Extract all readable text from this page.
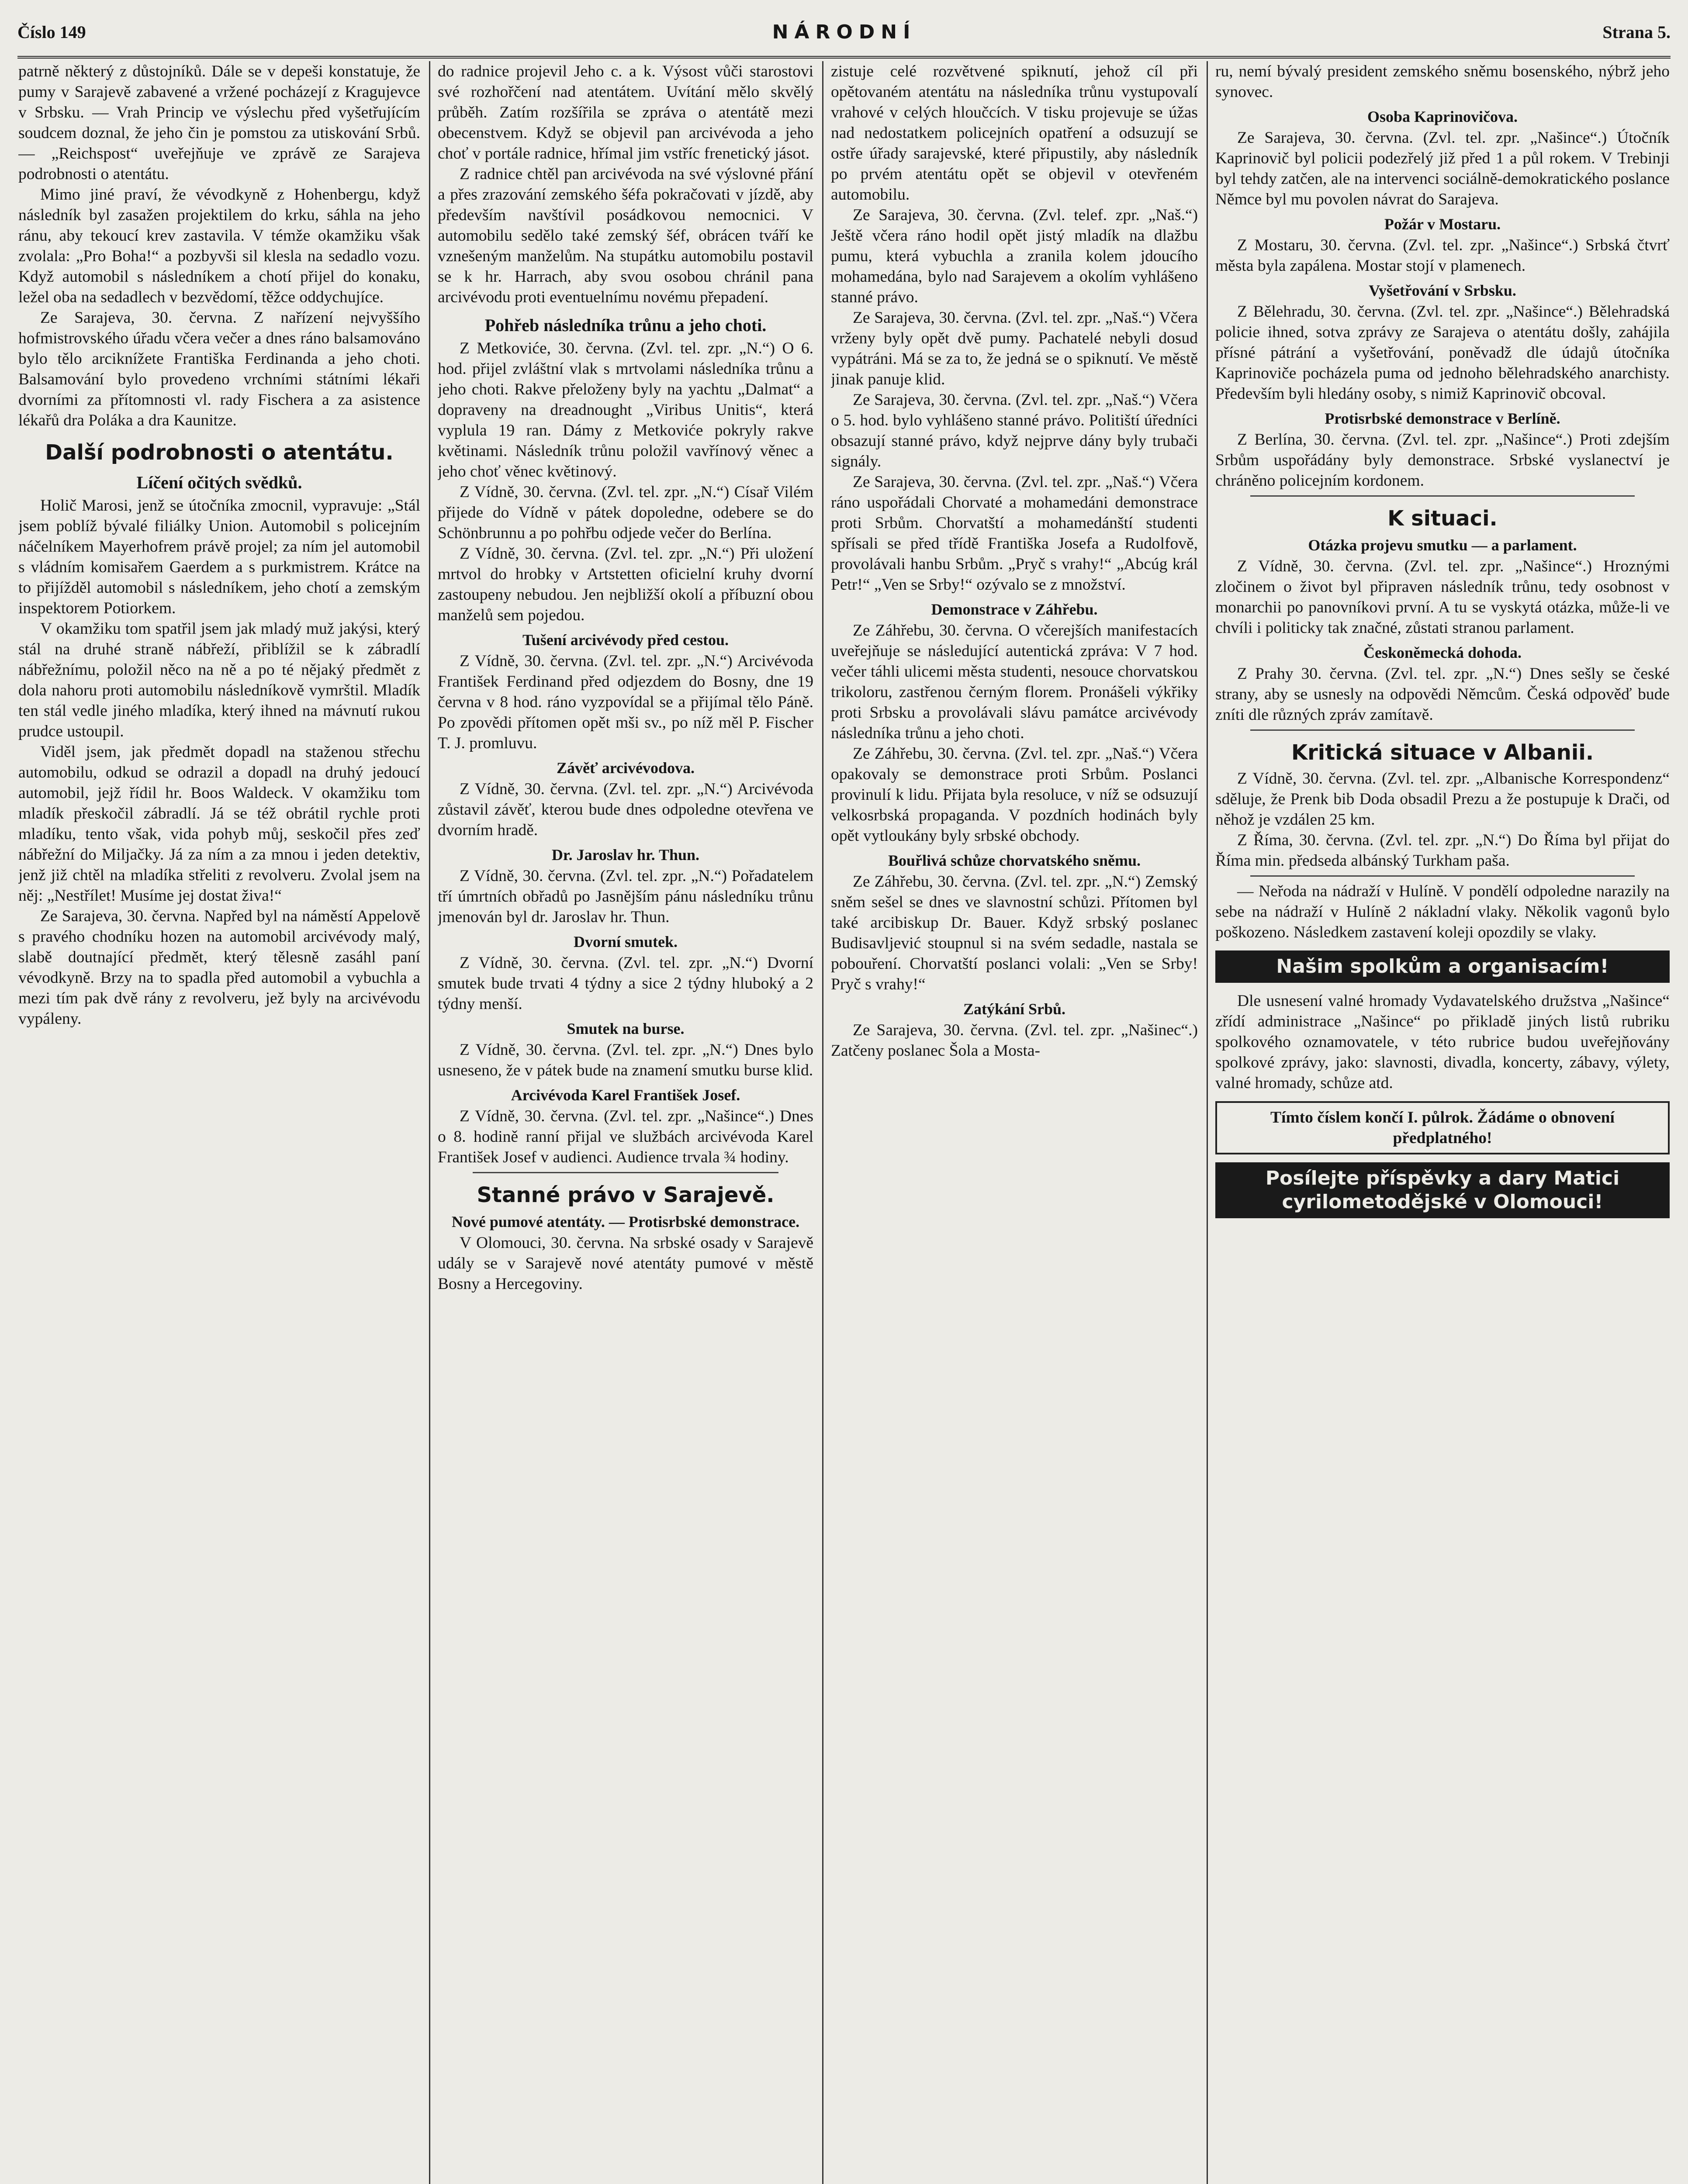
Číslo 149	NÁRODNÍ	Strana 5.

patrně některý z důstojníků. Dále se v depeši konstatuje, že pumy v Sarajevě zabavené a vržené pocházejí z Kragujevce v Srbsku. — Vrah Princip ve výslechu před vyšetřujícím soudcem doznal, že jeho čin je pomstou za utiskování Srbů. — „Reichspost“ uveřejňuje ve zprávě ze Sarajeva podrobnosti o atentátu.

Mimo jiné praví, že vévodkyně z Hohenbergu, když následník byl zasažen projektilem do krku, sáhla na jeho ránu, aby tekoucí krev zastavila. V témže okamžiku však zvolala: „Pro Boha!“ a pozbyvši sil klesla na sedadlo vozu. Když automobil s následníkem a chotí přijel do konaku, ležel oba na sedadlech v bezvědomí, těžce oddychujíce.

Ze Sarajeva, 30. června. Z nařízení nejvyššího hofmistrovského úřadu včera večer a dnes ráno balsamováno bylo tělo arciknížete Františka Ferdinanda a jeho choti. Balsamování bylo provedeno vrchními státními lékaři dvorními za přítomnosti vl. rady Fischera a za asistence lékařů dra Poláka a dra Kaunitze.

Další podrobnosti o atentátu.
Líčení očitých svědků.

Holič Marosi, jenž se útočníka zmocnil, vypravuje: „Stál jsem poblíž bývalé filiálky Union. Automobil s policejním náčelníkem Mayerhofrem právě projel; za ním jel automobil s vládním komisařem Gaerdem a s purkmistrem. Krátce na to přijížděl automobil s následníkem, jeho chotí a zemským inspektorem Potiorkem.

V okamžiku tom spatřil jsem jak mladý muž jakýsi, který stál na druhé straně nábřeží, přiblížil se k zábradlí nábřežnímu, položil něco na ně a po té nějaký předmět z dola nahoru proti automobilu následníkově vymrštil. Mladík ten stál vedle jiného mladíka, který ihned na mávnutí rukou prudce ustoupil.

Viděl jsem, jak předmět dopadl na staženou střechu automobilu, odkud se odrazil a dopadl na druhý jedoucí automobil, jejž řídil hr. Boos Waldeck. V okamžiku tom mladík přeskočil zábradlí. Já se též obrátil rychle proti mladíku, tento však, vida pohyb můj, seskočil přes zeď nábřežní do Miljačky. Já za ním a za mnou i jeden detektiv, jenž již chtěl na mladíka střeliti z revolveru. Zvolal jsem na něj: „Nestřílet! Musíme jej dostat živa!“

Ze Sarajeva, 30. června. Napřed byl na náměstí Appelově s pravého chodníku hozen na automobil arcivévody malý, slabě doutnající předmět, který tělesně zasáhl paní vévodkyně. Brzy na to spadla před automobil a vybuchla a mezi tím pak dvě rány z revolveru, jež byly na arcivévodu vypáleny.

do radnice projevil Jeho c. a k. Výsost vůči starostovi své rozhořčení nad atentátem. Uvítání mělo skvělý průběh. Zatím rozšířila se zpráva o atentátě mezi obecenstvem. Když se objevil pan arcivévoda a jeho choť v portále radnice, hřímal jim vstříc frenetický jásot.

Z radnice chtěl pan arcivévoda na své výslovné přání a přes zrazování zemského šéfa pokračovati v jízdě, aby především navštívil posádkovou nemocnici. V automobilu sedělo také zemský šéf, obrácen tváří ke vznešeným manželům. Na stupátku automobilu postavil se k hr. Harrach, aby svou osobou chránil pana arcivévodu proti eventuelnímu novému přepadení.

Pohřeb následníka trůnu a jeho choti.

Z Metkoviće, 30. června. (Zvl. tel. zpr. „N.“) O 6. hod. přijel zvláštní vlak s mrtvolami následníka trůnu a jeho choti. Rakve přeloženy byly na yachtu „Dalmat“ a dopraveny na dreadnought „Viribus Unitis“, která vyplula 19 ran. Dámy z Metkoviće pokryly rakve květinami. Následník trůnu položil vavřínový věnec a jeho choť věnec květinový.

Z Vídně, 30. června. (Zvl. tel. zpr. „N.“) Císař Vilém přijede do Vídně v pátek dopoledne, odebere se do Schönbrunnu a po pohřbu odjede večer do Berlína.

Z Vídně, 30. června. (Zvl. tel. zpr. „N.“) Při uložení mrtvol do hrobky v Artstetten oficielní kruhy dvorní zastoupeny nebudou. Jen nejbližší okolí a příbuzní obou manželů sem pojedou.

Tušení arcivévody před cestou.

Z Vídně, 30. června. (Zvl. tel. zpr. „N.“) Arcivévoda František Ferdinand před odjezdem do Bosny, dne 19 června v 8 hod. ráno vyzpovídal se a přijímal tělo Páně. Po zpovědi přítomen opět mši sv., po níž měl P. Fischer T. J. promluvu.

Závěť arcivévodova.

Z Vídně, 30. června. (Zvl. tel. zpr. „N.“) Arcivévoda zůstavil závěť, kterou bude dnes odpoledne otevřena ve dvorním hradě.

Dr. Jaroslav hr. Thun.

Z Vídně, 30. června. (Zvl. tel. zpr. „N.“) Pořadatelem tří úmrtních obřadů po Jasnějším pánu následníku trůnu jmenován byl dr. Jaroslav hr. Thun.

Dvorní smutek.

Z Vídně, 30. června. (Zvl. tel. zpr. „N.“) Dvorní smutek bude trvati 4 týdny a sice 2 týdny hluboký a 2 týdny menší.

Smutek na burse.

Z Vídně, 30. června. (Zvl. tel. zpr. „N.“) Dnes bylo usneseno, že v pátek bude na znamení smutku burse klid.

Arcivévoda Karel František Josef.

Z Vídně, 30. června. (Zvl. tel. zpr. „Našince“.) Dnes o 8. hodině ranní přijal ve službách arcivévoda Karel František Josef v audienci. Audience trvala ¾ hodiny.

Stanné právo v Sarajevě.
Nové pumové atentáty. — Protisrbské demonstrace.

V Olomouci, 30. června. Na srbské osady v Sarajevě udály se v Sarajevě nové atentáty pumové v městě Bosny a Hercegoviny.

zistuje celé rozvětvené spiknutí, jehož cíl při opětovaném atentátu na následníka trůnu vystupovalí vrahové v celých hloučcích. V tisku projevuje se úžas nad nedostatkem policejních opatření a odsuzují se ostře úřady sarajevské, které připustily, aby následník po prvém atentátu opět se objevil v otevřeném automobilu.

Ze Sarajeva, 30. června. (Zvl. telef. zpr. „Naš.“) Ještě včera ráno hodil opět jistý mladík na dlažbu pumu, která vybuchla a zranila kolem jdoucího mohamedána, bylo nad Sarajevem a okolím vyhlášeno stanné právo.

Ze Sarajeva, 30. června. (Zvl. tel. zpr. „Naš.“) Včera vrženy byly opět dvě pumy. Pachatelé nebyli dosud vypátráni. Má se za to, že jedná se o spiknutí. Ve městě jinak panuje klid.

Ze Sarajeva, 30. června. (Zvl. tel. zpr. „Naš.“) Včera o 5. hod. bylo vyhlášeno stanné právo. Politiští úředníci obsazují stanné právo, když nejprve dány byly trubači signály.

Ze Sarajeva, 30. června. (Zvl. tel. zpr. „Naš.“) Včera ráno uspořádali Chorvaté a mohamedáni demonstrace proti Srbům. Chorvatští a mohamedánští studenti spřísali se před třídě Františka Josefa a Rudolfově, provolávali hanbu Srbům. „Pryč s vrahy!“ „Abcúg král Petr!“ „Ven se Srby!“ ozývalo se z množství.

Demonstrace v Záhřebu.

Ze Záhřebu, 30. června. O včerejších manifestacích uveřejňuje se následující autentická zpráva: V 7 hod. večer táhli ulicemi města studenti, nesouce chorvatskou trikoloru, zastřenou černým florem. Pronášeli výkřiky proti Srbsku a provolávali slávu památce arcivévody následníka trůnu a jeho choti.

Ze Záhřebu, 30. června. (Zvl. tel. zpr. „Naš.“) Včera opakovaly se demonstrace proti Srbům. Poslanci provinulí k lidu. Přijata byla resoluce, v níž se odsuzují velkosrbská propaganda. V pozdních hodinách byly opět vytloukány byly srbské obchody.

Bouřlivá schůze chorvatského sněmu.

Ze Záhřebu, 30. června. (Zvl. tel. zpr. „N.“) Zemský sněm sešel se dnes ve slavnostní schůzi. Přítomen byl také arcibiskup Dr. Bauer. Když srbský poslanec Budisavljević stoupnul si na svém sedadle, nastala se pobouření. Chorvatští poslanci volali: „Ven se Srby! Pryč s vrahy!“

Zatýkání Srbů.

Ze Sarajeva, 30. června. (Zvl. tel. zpr. „Našinec“.) Zatčeny poslanec Šola a Mosta-

ru, nemí bývalý president zemského sněmu bosenského, nýbrž jeho synovec.

Osoba Kaprinovičova.

Ze Sarajeva, 30. června. (Zvl. tel. zpr. „Našince“.) Útočník Kaprinovič byl policii podezřelý již před 1 a půl rokem. V Trebinji byl tehdy zatčen, ale na intervenci sociálně-demokratického poslance Němce byl mu povolen návrat do Sarajeva.

Požár v Mostaru.

Z Mostaru, 30. června. (Zvl. tel. zpr. „Našince“.) Srbská čtvrť města byla zapálena. Mostar stojí v plamenech.

Vyšetřování v Srbsku.

Z Bělehradu, 30. června. (Zvl. tel. zpr. „Našince“.) Bělehradská policie ihned, sotva zprávy ze Sarajeva o atentátu došly, zahájila přísné pátrání a vyšetřování, poněvadž dle údajů útočníka Kaprinoviče pocházela puma od jednoho bělehradského anarchisty. Především byli hledány osoby, s nimiž Kaprinovič obcoval.

Protisrbské demonstrace v Berlíně.

Z Berlína, 30. června. (Zvl. tel. zpr. „Našince“.) Proti zdejším Srbům uspořádány byly demonstrace. Srbské vyslanectví je chráněno policejním kordonem.

K situaci.
Otázka projevu smutku — a parlament.

Z Vídně, 30. června. (Zvl. tel. zpr. „Našince“.) Hroznými zločinem o život byl připraven následník trůnu, tedy osobnost v monarchii po panovníkovi první. A tu se vyskytá otázka, může-li ve chvíli i politicky tak značné, zůstati stranou parlament.

Českoněmecká dohoda.

Z Prahy 30. června. (Zvl. tel. zpr. „N.“) Dnes sešly se české strany, aby se usnesly na odpovědi Němcům. Česká odpověď bude zníti dle různých zpráv zamítavě.

Kritická situace v Albanii.

Z Vídně, 30. června. (Zvl. tel. zpr. „Albanische Korrespondenz“ sděluje, že Prenk bib Doda obsadil Prezu a že postupuje k Drači, od něhož je vzdálen 25 km.

Z Říma, 30. června. (Zvl. tel. zpr. „N.“) Do Říma byl přijat do Říma min. předseda albánský Turkham paša.

— Neřoda na nádraží v Hulíně. V pondělí odpoledne narazily na sebe na nádraží v Hulíně 2 nákladní vlaky. Několik vagonů bylo poškozeno. Následkem zastavení koleji opozdily se vlaky.

Našim spolkům a organisacím!

Dle usnesení valné hromady Vydavatelského družstva „Našince“ zřídí administrace „Našince“ po přikladě jiných listů rubriku spolkového oznamovatele, v této rubrice budou uveřejňovány spolkové zprávy, jako: slavnosti, divadla, koncerty, zábavy, výlety, valné hromady, schůze atd.

Tímto číslem končí I. půlrok. Žádáme o obnovení předplatného!
Posílejte příspěvky a dary Matici cyrilometodějské v Olomouci!
